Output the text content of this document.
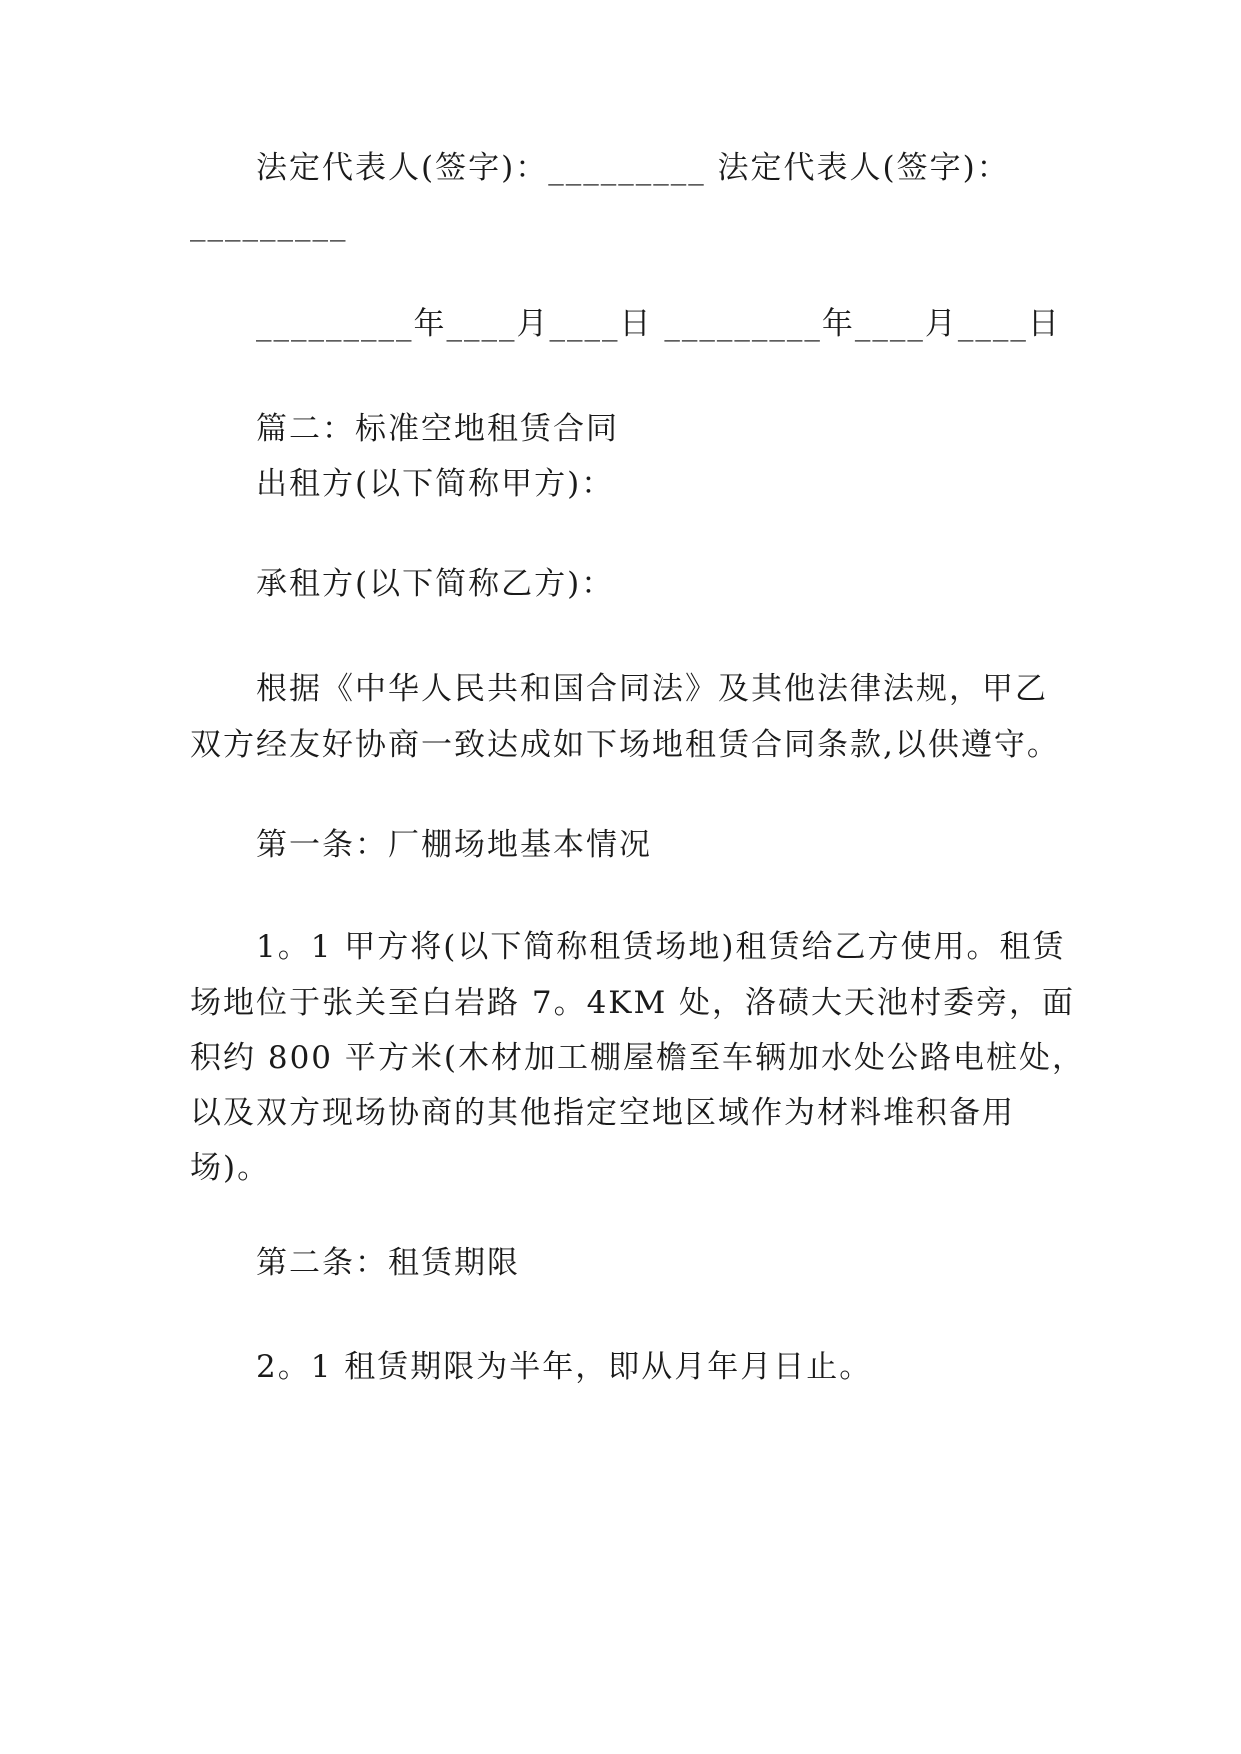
法定代表人(签字)：_________ 法定代表人(签字)：
_________
_________年____月____日 _________年____月____日
篇二：标准空地租赁合同
出租方(以下简称甲方)：
承租方(以下简称乙方)：
根据《中华人民共和国合同法》及其他法律法规，甲乙
双方经友好协商一致达成如下场地租赁合同条款,以供遵守。
第一条：厂棚场地基本情况
1。1 甲方将(以下简称租赁场地)租赁给乙方使用。租赁
场地位于张关至白岩路 7。4KM 处，洛碛大天池村委旁，面
积约 800 平方米(木材加工棚屋檐至车辆加水处公路电桩处，
以及双方现场协商的其他指定空地区域作为材料堆积备用
场)。
第二条：租赁期限
2。1 租赁期限为半年，即从月年月日止。
